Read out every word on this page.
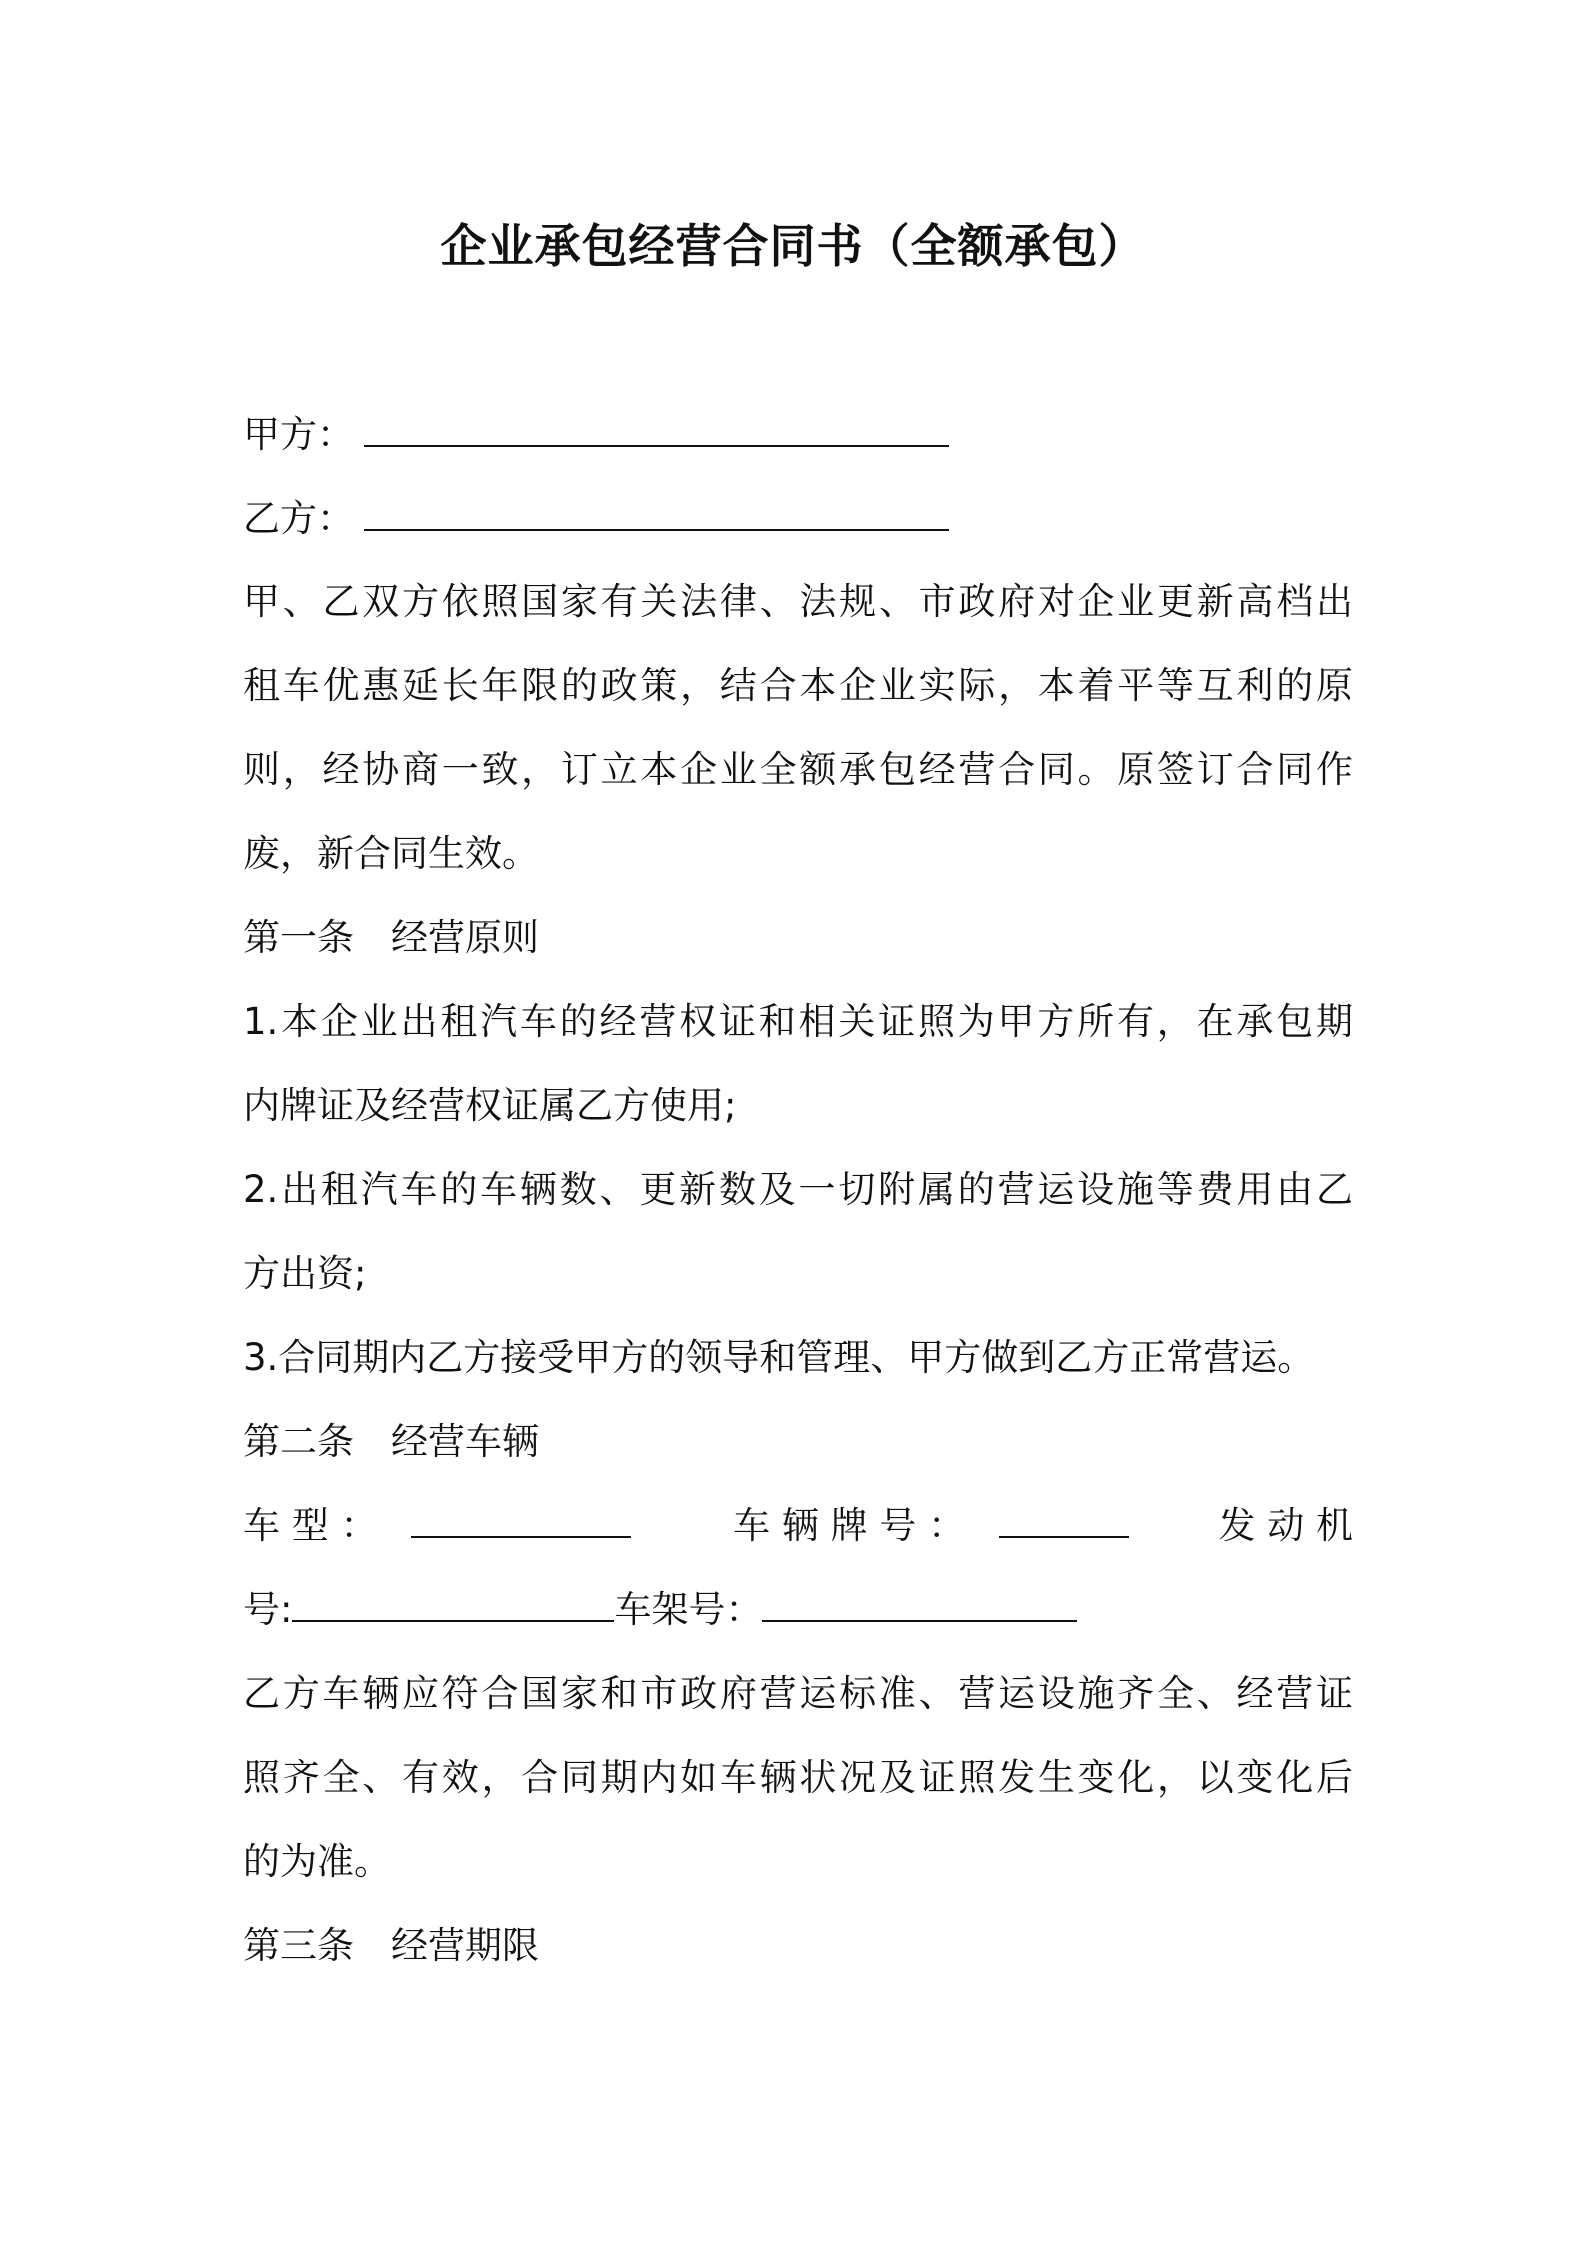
企业承包经营合同书（全额承包）
甲方：
乙方：
甲、乙双方依照国家有关法律、法规、市政府对企业更新高档出
租车优惠延长年限的政策，结合本企业实际，本着平等互利的原
则，经协商一致，订立本企业全额承包经营合同。原签订合同作
废，新合同生效。
第一条　经营原则
1.本企业出租汽车的经营权证和相关证照为甲方所有，在承包期
内牌证及经营权证属乙方使用;
2.出租汽车的车辆数、更新数及一切附属的营运设施等费用由乙
方出资;
3.合同期内乙方接受甲方的领导和管理、甲方做到乙方正常营运。
第二条　经营车辆
车 型 ：	车 辆 牌 号 ：	发 动 机
号:	车架号：
乙方车辆应符合国家和市政府营运标准、营运设施齐全、经营证
照齐全、有效，合同期内如车辆状况及证照发生变化，以变化后
的为准。
第三条　经营期限
